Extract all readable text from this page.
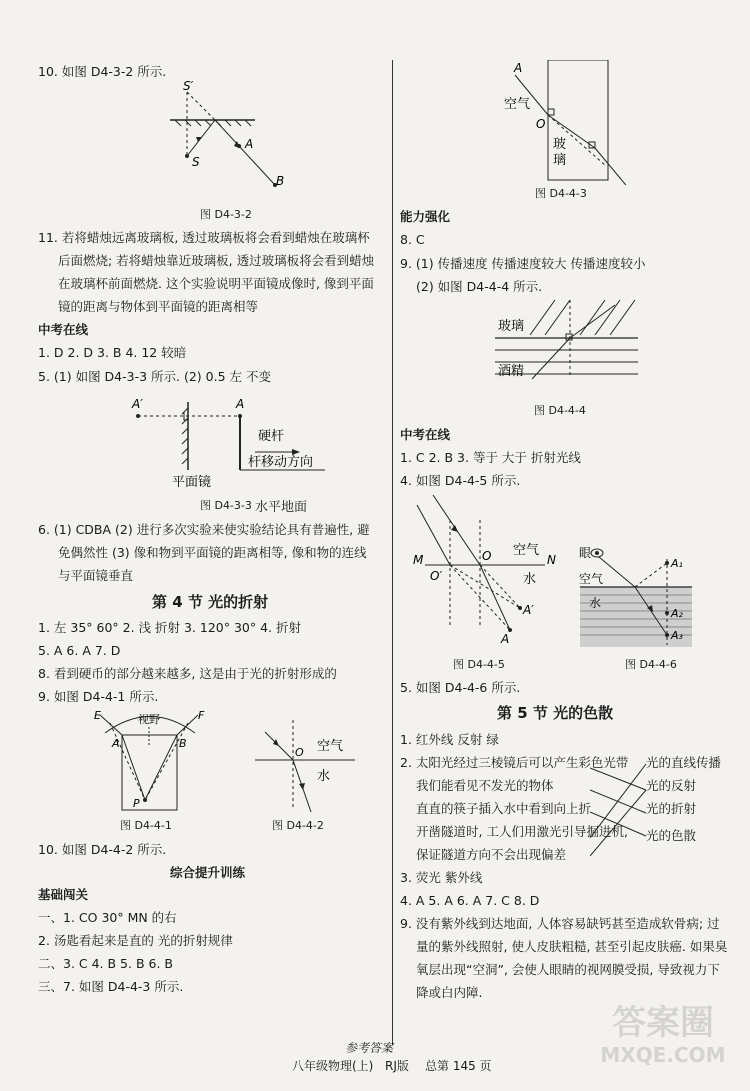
10. 如图 D4-3-2 所示.
S′
S
A
B
图 D4-3-2
11. 若将蜡烛远离玻璃板, 透过玻璃板将会看到蜡烛在玻璃杯
后面燃烧; 若将蜡烛靠近玻璃板, 透过玻璃板将会看到蜡烛
在玻璃杯前面燃烧. 这个实验说明平面镜成像时, 像到平面
镜的距离与物体到平面镜的距离相等
中考在线
1. D 2. D 3. B 4. 12 较暗
5. (1) 如图 D4-3-3 所示. (2) 0.5 左 不变
A′	A
硬杆
杆移动方向
平面镜
水平地面
图 D4-3-3
6. (1) CDBA (2) 进行多次实验来使实验结论具有普遍性, 避
免偶然性 (3) 像和物到平面镜的距离相等, 像和物的连线
与平面镜垂直
第 4 节 光的折射
1. 左 35° 60° 2. 浅 折射 3. 120° 30° 4. 折射
5. A 6. A 7. D
8. 看到硬币的部分越来越多, 这是由于光的折射形成的
9. 如图 D4-4-1 所示.
E	F
视野
A	B
P
图 D4-4-1
O 空气
水
图 D4-4-2
10. 如图 D4-4-2 所示.
综合提升训练
基础闯关
一、1. CO 30° MN 的右
2. 汤匙看起来是直的 光的折射规律
二、3. C 4. B 5. B 6. B
三、7. 如图 D4-4-3 所示.
A
空气
O
玻
璃
图 D4-4-3
能力强化
8. C
9. (1) 传播速度 传播速度较大 传播速度较小
(2) 如图 D4-4-4 所示.
玻璃
酒精
图 D4-4-4
中考在线
1. C 2. B 3. 等于 大于 折射光线
4. 如图 D4-4-5 所示.
M	N
O
O′
空气
水
A′
A
图 D4-4-5
眼
空气
水
A₁
A₂
A₃
图 D4-4-6
5. 如图 D4-4-6 所示.
第 5 节 光的色散
1. 红外线 反射 绿
2. 太阳光经过三棱镜后可以产生彩色光带
我们能看见不发光的物体
直直的筷子插入水中看到向上折
开凿隧道时, 工人们用激光引导掘进机,
保证隧道方向不会出现偏差
光的直线传播
光的反射
光的折射
光的色散
3. 荧光 紫外线
4. A 5. A 6. A 7. C 8. D
9. 没有紫外线到达地面, 人体容易缺钙甚至造成软骨病; 过
量的紫外线照射, 使人皮肤粗糙, 甚至引起皮肤癌. 如果臭
氧层出现“空洞”, 会使人眼睛的视网膜受损, 导致视力下
降或白内障.
参考答案
八年级物理(上) RJ版 总第 145 页
答案圈
MXQE.COM
